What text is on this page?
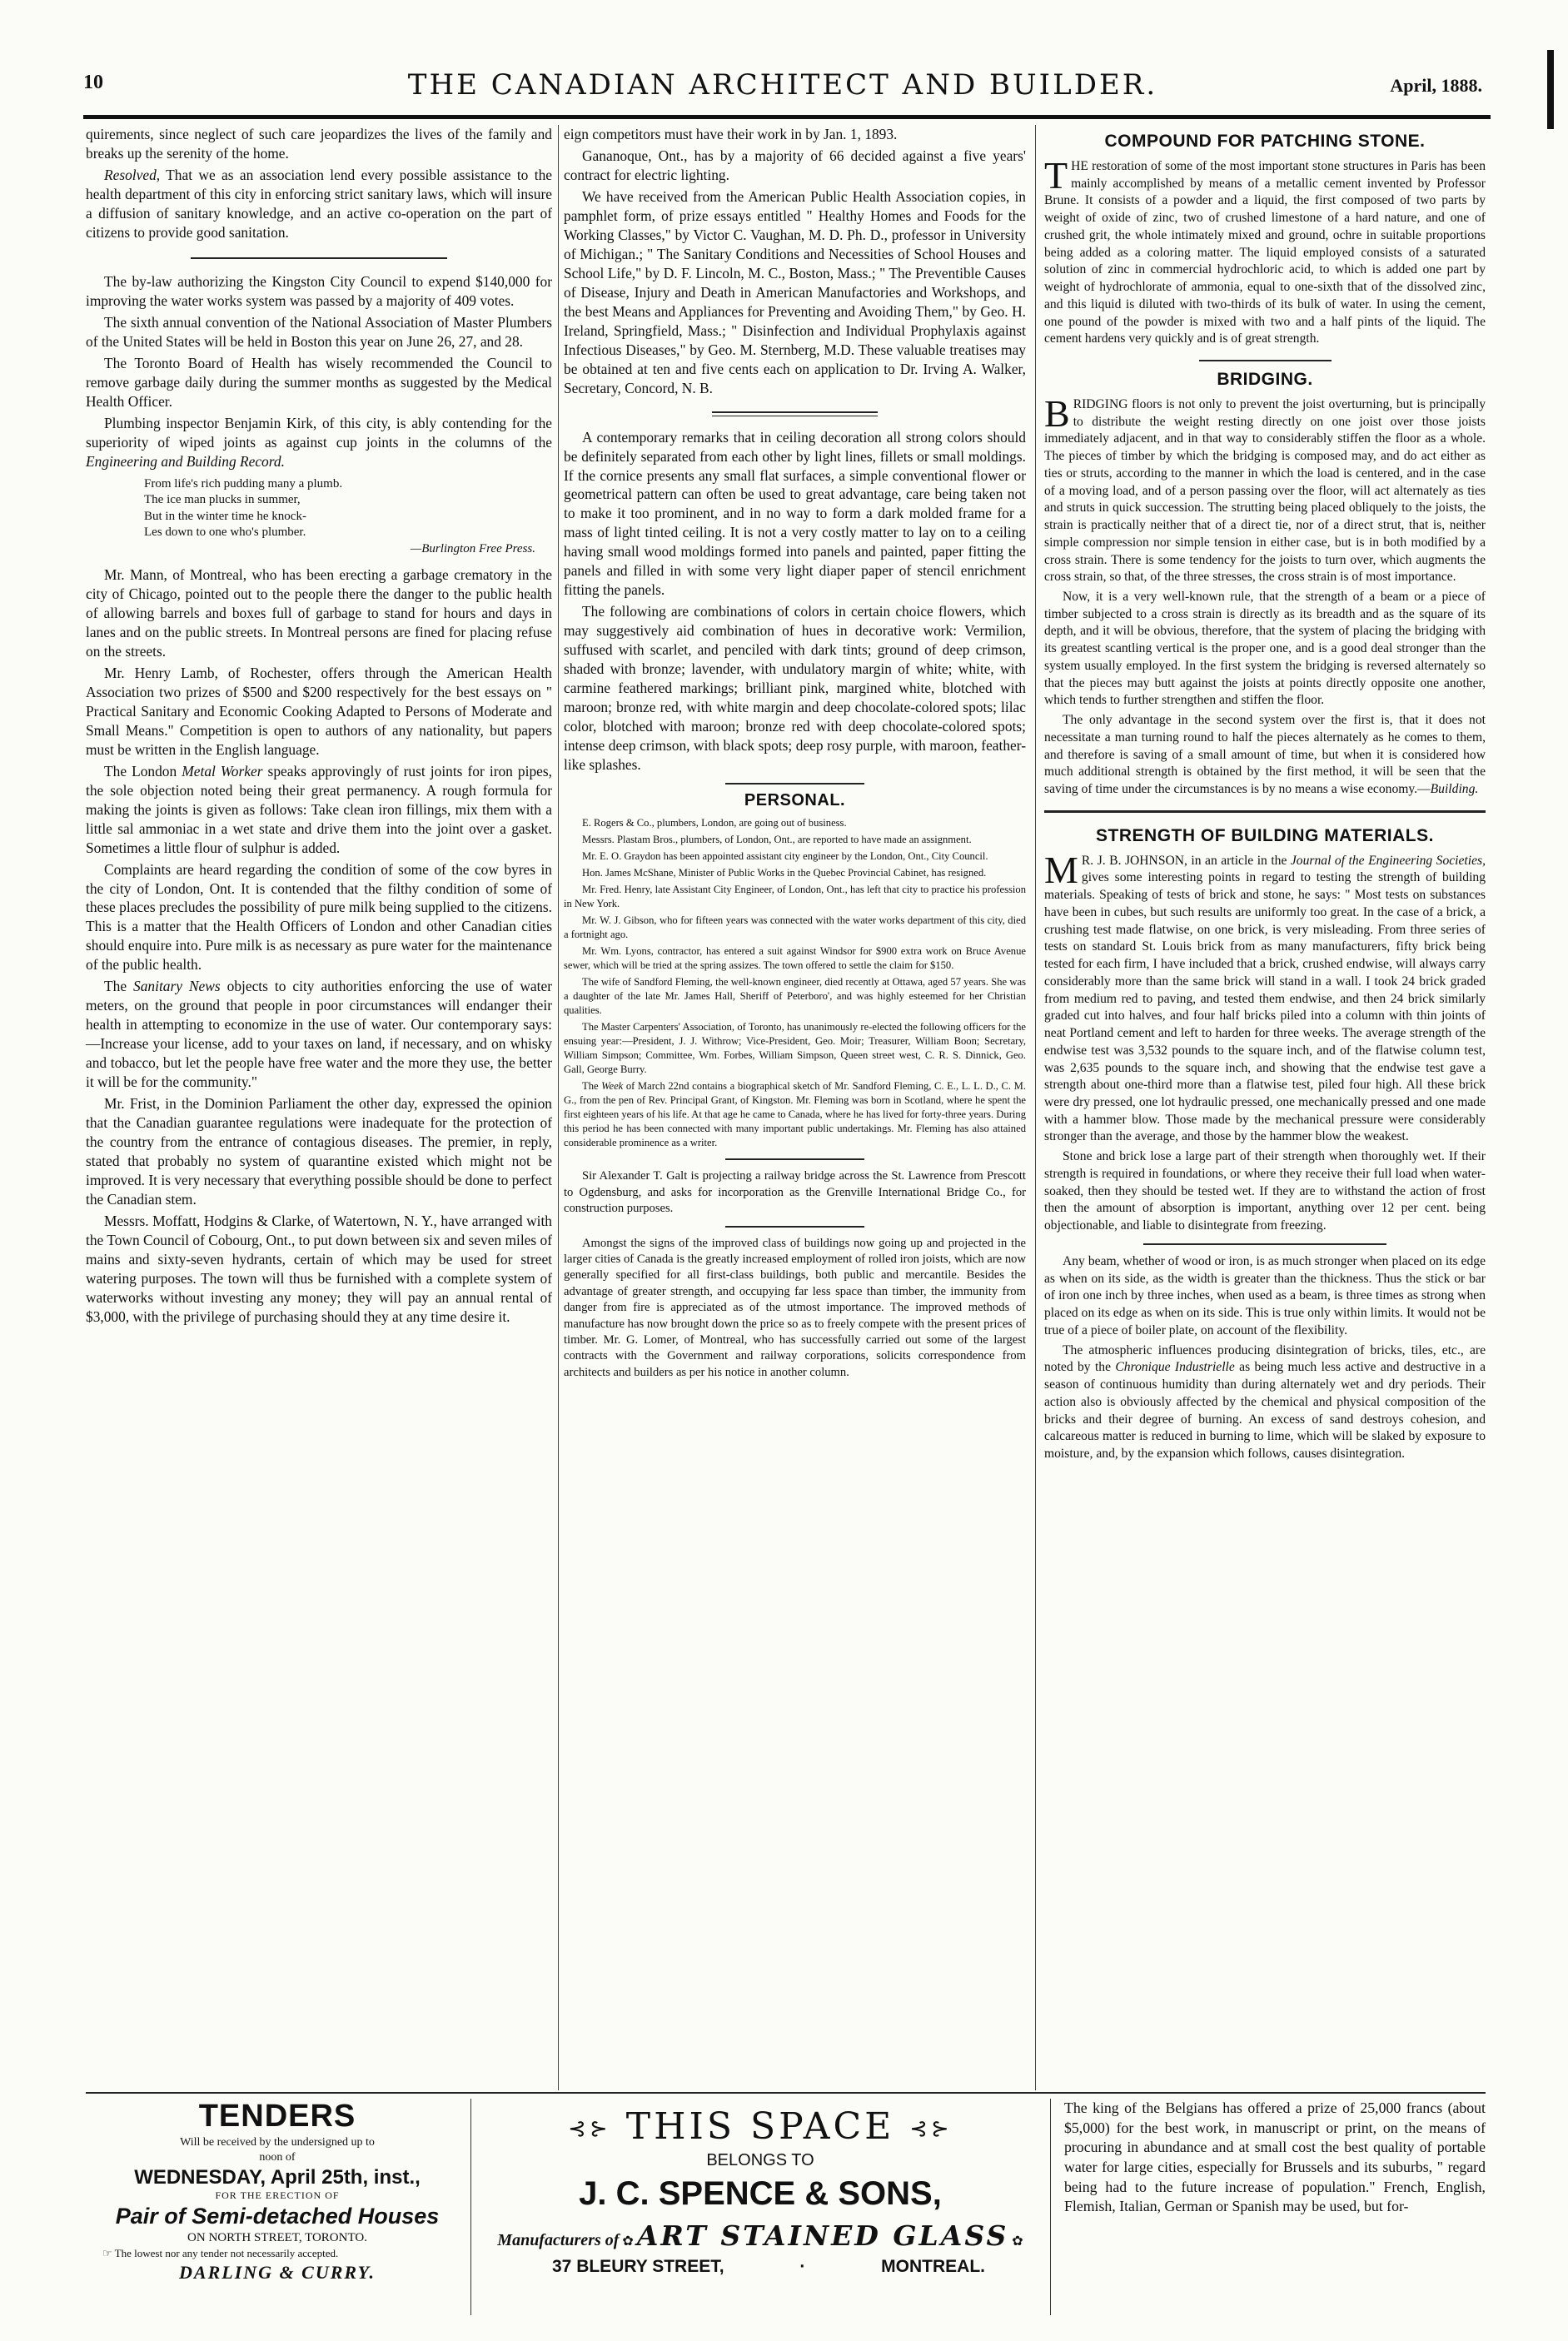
10	THE CANADIAN ARCHITECT AND BUILDER.	April, 1888.

quirements, since neglect of such care jeopardizes the lives of the family and breaks up the serenity of the home.

Resolved, That we as an association lend every possible assistance to the health department of this city in enforcing strict sanitary laws, which will insure a diffusion of sanitary knowledge, and an active co-operation on the part of citizens to provide good sanitation.

The by-law authorizing the Kingston City Council to expend $140,000 for improving the water works system was passed by a majority of 409 votes.

The sixth annual convention of the National Association of Master Plumbers of the United States will be held in Boston this year on June 26, 27, and 28.

The Toronto Board of Health has wisely recommended the Council to remove garbage daily during the summer months as suggested by the Medical Health Officer.

Plumbing inspector Benjamin Kirk, of this city, is ably contending for the superiority of wiped joints as against cup joints in the columns of the Engineering and Building Record.

From life's rich pudding many a plumb.
The ice man plucks in summer,
But in the winter time he knock-
Les down to one who's plumber.
—Burlington Free Press.

Mr. Mann, of Montreal, who has been erecting a garbage crematory in the city of Chicago, pointed out to the people there the danger to the public health of allowing barrels and boxes full of garbage to stand for hours and days in lanes and on the public streets. In Montreal persons are fined for placing refuse on the streets.

Mr. Henry Lamb, of Rochester, offers through the American Health Association two prizes of $500 and $200 respectively for the best essays on " Practical Sanitary and Economic Cooking Adapted to Persons of Moderate and Small Means." Competition is open to authors of any nationality, but papers must be written in the English language.

The London Metal Worker speaks approvingly of rust joints for iron pipes, the sole objection noted being their great permanency. A rough formula for making the joints is given as follows: Take clean iron fillings, mix them with a little sal ammoniac in a wet state and drive them into the joint over a gasket. Sometimes a little flour of sulphur is added.

Complaints are heard regarding the condition of some of the cow byres in the city of London, Ont. It is contended that the filthy condition of some of these places precludes the possibility of pure milk being supplied to the citizens. This is a matter that the Health Officers of London and other Canadian cities should enquire into. Pure milk is as necessary as pure water for the maintenance of the public health.

The Sanitary News objects to city authorities enforcing the use of water meters, on the ground that people in poor circumstances will endanger their health in attempting to economize in the use of water. Our contemporary says:—Increase your license, add to your taxes on land, if necessary, and on whisky and tobacco, but let the people have free water and the more they use, the better it will be for the community."

Mr. Frist, in the Dominion Parliament the other day, expressed the opinion that the Canadian guarantee regulations were inadequate for the protection of the country from the entrance of contagious diseases. The premier, in reply, stated that probably no system of quarantine existed which might not be improved. It is very necessary that everything possible should be done to perfect the Canadian stem.

Messrs. Moffatt, Hodgins & Clarke, of Watertown, N. Y., have arranged with the Town Council of Cobourg, Ont., to put down between six and seven miles of mains and sixty-seven hydrants, certain of which may be used for street watering purposes. The town will thus be furnished with a complete system of waterworks without investing any money; they will pay an annual rental of $3,000, with the privilege of purchasing should they at any time desire it.

eign competitors must have their work in by Jan. 1, 1893.

Gananoque, Ont., has by a majority of 66 decided against a five years' contract for electric lighting.

We have received from the American Public Health Association copies, in pamphlet form, of prize essays entitled " Healthy Homes and Foods for the Working Classes," by Victor C. Vaughan, M. D. Ph. D., professor in University of Michigan.; " The Sanitary Conditions and Necessities of School Houses and School Life," by D. F. Lincoln, M. C., Boston, Mass.; " The Preventible Causes of Disease, Injury and Death in American Manufactories and Workshops, and the best Means and Appliances for Preventing and Avoiding Them," by Geo. H. Ireland, Springfield, Mass.; " Disinfection and Individual Prophylaxis against Infectious Diseases," by Geo. M. Sternberg, M.D. These valuable treatises may be obtained at ten and five cents each on application to Dr. Irving A. Walker, Secretary, Concord, N. B.

A contemporary remarks that in ceiling decoration all strong colors should be definitely separated from each other by light lines, fillets or small moldings. If the cornice presents any small flat surfaces, a simple conventional flower or geometrical pattern can often be used to great advantage, care being taken not to make it too prominent, and in no way to form a dark molded frame for a mass of light tinted ceiling. It is not a very costly matter to lay on to a ceiling having small wood moldings formed into panels and painted, paper fitting the panels and filled in with some very light diaper paper of stencil enrichment fitting the panels.

The following are combinations of colors in certain choice flowers, which may suggestively aid combination of hues in decorative work: Vermilion, suffused with scarlet, and penciled with dark tints; ground of deep crimson, shaded with bronze; lavender, with undulatory margin of white; white, with carmine feathered markings; brilliant pink, margined white, blotched with maroon; bronze red, with white margin and deep chocolate-colored spots; lilac color, blotched with maroon; bronze red with deep chocolate-colored spots; intense deep crimson, with black spots; deep rosy purple, with maroon, feather-like splashes.

PERSONAL.

E. Rogers & Co., plumbers, London, are going out of business.

Messrs. Plastam Bros., plumbers, of London, Ont., are reported to have made an assignment.

Mr. E. O. Graydon has been appointed assistant city engineer by the London, Ont., City Council.

Hon. James McShane, Minister of Public Works in the Quebec Provincial Cabinet, has resigned.

Mr. Fred. Henry, late Assistant City Engineer, of London, Ont., has left that city to practice his profession in New York.

Mr. W. J. Gibson, who for fifteen years was connected with the water works department of this city, died a fortnight ago.

Mr. Wm. Lyons, contractor, has entered a suit against Windsor for $900 extra work on Bruce Avenue sewer, which will be tried at the spring assizes. The town offered to settle the claim for $150.

The wife of Sandford Fleming, the well-known engineer, died recently at Ottawa, aged 57 years. She was a daughter of the late Mr. James Hall, Sheriff of Peterboro', and was highly esteemed for her Christian qualities.

The Master Carpenters' Association, of Toronto, has unanimously re-elected the following officers for the ensuing year:—President, J. J. Withrow; Vice-President, Geo. Moir; Treasurer, William Boon; Secretary, William Simpson; Committee, Wm. Forbes, William Simpson, Queen street west, C. R. S. Dinnick, Geo. Gall, George Burry.

The Week of March 22nd contains a biographical sketch of Mr. Sandford Fleming, C. E., L. L. D., C. M. G., from the pen of Rev. Principal Grant, of Kingston. Mr. Fleming was born in Scotland, where he spent the first eighteen years of his life. At that age he came to Canada, where he has lived for forty-three years. During this period he has been connected with many important public undertakings. Mr. Fleming has also attained considerable prominence as a writer.

Sir Alexander T. Galt is projecting a railway bridge across the St. Lawrence from Prescott to Ogdensburg, and asks for incorporation as the Grenville International Bridge Co., for construction purposes.

Amongst the signs of the improved class of buildings now going up and projected in the larger cities of Canada is the greatly increased employment of rolled iron joists, which are now generally specified for all first-class buildings, both public and mercantile. Besides the advantage of greater strength, and occupying far less space than timber, the immunity from danger from fire is appreciated as of the utmost importance. The improved methods of manufacture has now brought down the price so as to freely compete with the present prices of timber. Mr. G. Lomer, of Montreal, who has successfully carried out some of the largest contracts with the Government and railway corporations, solicits correspondence from architects and builders as per his notice in another column.

COMPOUND FOR PATCHING STONE.

THE restoration of some of the most important stone structures in Paris has been mainly accomplished by means of a metallic cement invented by Professor Brune. It consists of a powder and a liquid, the first composed of two parts by weight of oxide of zinc, two of crushed limestone of a hard nature, and one of crushed grit, the whole intimately mixed and ground, ochre in suitable proportions being added as a coloring matter. The liquid employed consists of a saturated solution of zinc in commercial hydrochloric acid, to which is added one part by weight of hydrochlorate of ammonia, equal to one-sixth that of the dissolved zinc, and this liquid is diluted with two-thirds of its bulk of water. In using the cement, one pound of the powder is mixed with two and a half pints of the liquid. The cement hardens very quickly and is of great strength.

BRIDGING.

BRIDGING floors is not only to prevent the joist overturning, but is principally to distribute the weight resting directly on one joist over those joists immediately adjacent, and in that way to considerably stiffen the floor as a whole. The pieces of timber by which the bridging is composed may, and do act either as ties or struts, according to the manner in which the load is centered, and in the case of a moving load, and of a person passing over the floor, will act alternately as ties and struts in quick succession. The strutting being placed obliquely to the joists, the strain is practically neither that of a direct tie, nor of a direct strut, that is, neither simple compression nor simple tension in either case, but is in both modified by a cross strain. There is some tendency for the joists to turn over, which augments the cross strain, so that, of the three stresses, the cross strain is of most importance.

Now, it is a very well-known rule, that the strength of a beam or a piece of timber subjected to a cross strain is directly as its breadth and as the square of its depth, and it will be obvious, therefore, that the system of placing the bridging with its greatest scantling vertical is the proper one, and is a good deal stronger than the system usually employed. In the first system the bridging is reversed alternately so that the pieces may butt against the joists at points directly opposite one another, which tends to further strengthen and stiffen the floor.

The only advantage in the second system over the first is, that it does not necessitate a man turning round to half the pieces alternately as he comes to them, and therefore is saving of a small amount of time, but when it is considered how much additional strength is obtained by the first method, it will be seen that the saving of time under the circumstances is by no means a wise economy.—Building.

STRENGTH OF BUILDING MATERIALS.

M R. J. B. JOHNSON, in an article in the Journal of the Engineering Societies, gives some interesting points in regard to testing the strength of building materials. Speaking of tests of brick and stone, he says: " Most tests on substances have been in cubes, but such results are uniformly too great. In the case of a brick, a crushing test made flatwise, on one brick, is very misleading. From three series of tests on standard St. Louis brick from as many manufacturers, fifty brick being tested for each firm, I have included that a brick, crushed endwise, will always carry considerably more than the same brick will stand in a wall. I took 24 brick graded from medium red to paving, and tested them endwise, and then 24 brick similarly graded cut into halves, and four half bricks piled into a column with thin joints of neat Portland cement and left to harden for three weeks. The average strength of the endwise test was 3,532 pounds to the square inch, and of the flatwise column test, was 2,635 pounds to the square inch, and showing that the endwise test gave a strength about one-third more than a flatwise test, piled four high. All these brick were dry pressed, one lot hydraulic pressed, one mechanically pressed and one made with a hammer blow. Those made by the mechanical pressure were considerably stronger than the average, and those by the hammer blow the weakest.

Stone and brick lose a large part of their strength when thoroughly wet. If their strength is required in foundations, or where they receive their full load when water-soaked, then they should be tested wet. If they are to withstand the action of frost then the amount of absorption is important, anything over 12 per cent. being objectionable, and liable to disintegrate from freezing.

Any beam, whether of wood or iron, is as much stronger when placed on its edge as when on its side, as the width is greater than the thickness. Thus the stick or bar of iron one inch by three inches, when used as a beam, is three times as strong when placed on its edge as when on its side. This is true only within limits. It would not be true of a piece of boiler plate, on account of the flexibility.

The atmospheric influences producing disintegration of bricks, tiles, etc., are noted by the Chronique Industrielle as being much less active and destructive in a season of continuous humidity than during alternately wet and dry periods. Their action also is obviously affected by the chemical and physical composition of the bricks and their degree of burning. An excess of sand destroys cohesion, and calcareous matter is reduced in burning to lime, which will be slaked by exposure to moisture, and, by the expansion which follows, causes disintegration.

TENDERS
Will be received by the undersigned up to
noon of
WEDNESDAY, April 25th, inst.,
FOR THE ERECTION OF
Pair of Semi-detached Houses
ON NORTH STREET, TORONTO.
☞ The lowest nor any tender not necessarily accepted.
DARLING & CURRY.
⊰⊱ THIS SPACE ⊰⊱
BELONGS TO
J. C. SPENCE & SONS,
Manufacturers of ✿ ART STAINED GLASS ✿
37 BLEURY STREET,	·	MONTREAL.
The king of the Belgians has offered a prize of 25,000 francs (about $5,000) for the best work, in manuscript or print, on the means of procuring in abundance and at small cost the best quality of portable water for large cities, especially for Brussels and its suburbs, " regard being had to the future increase of population." French, English, Flemish, Italian, German or Spanish may be used, but for-
